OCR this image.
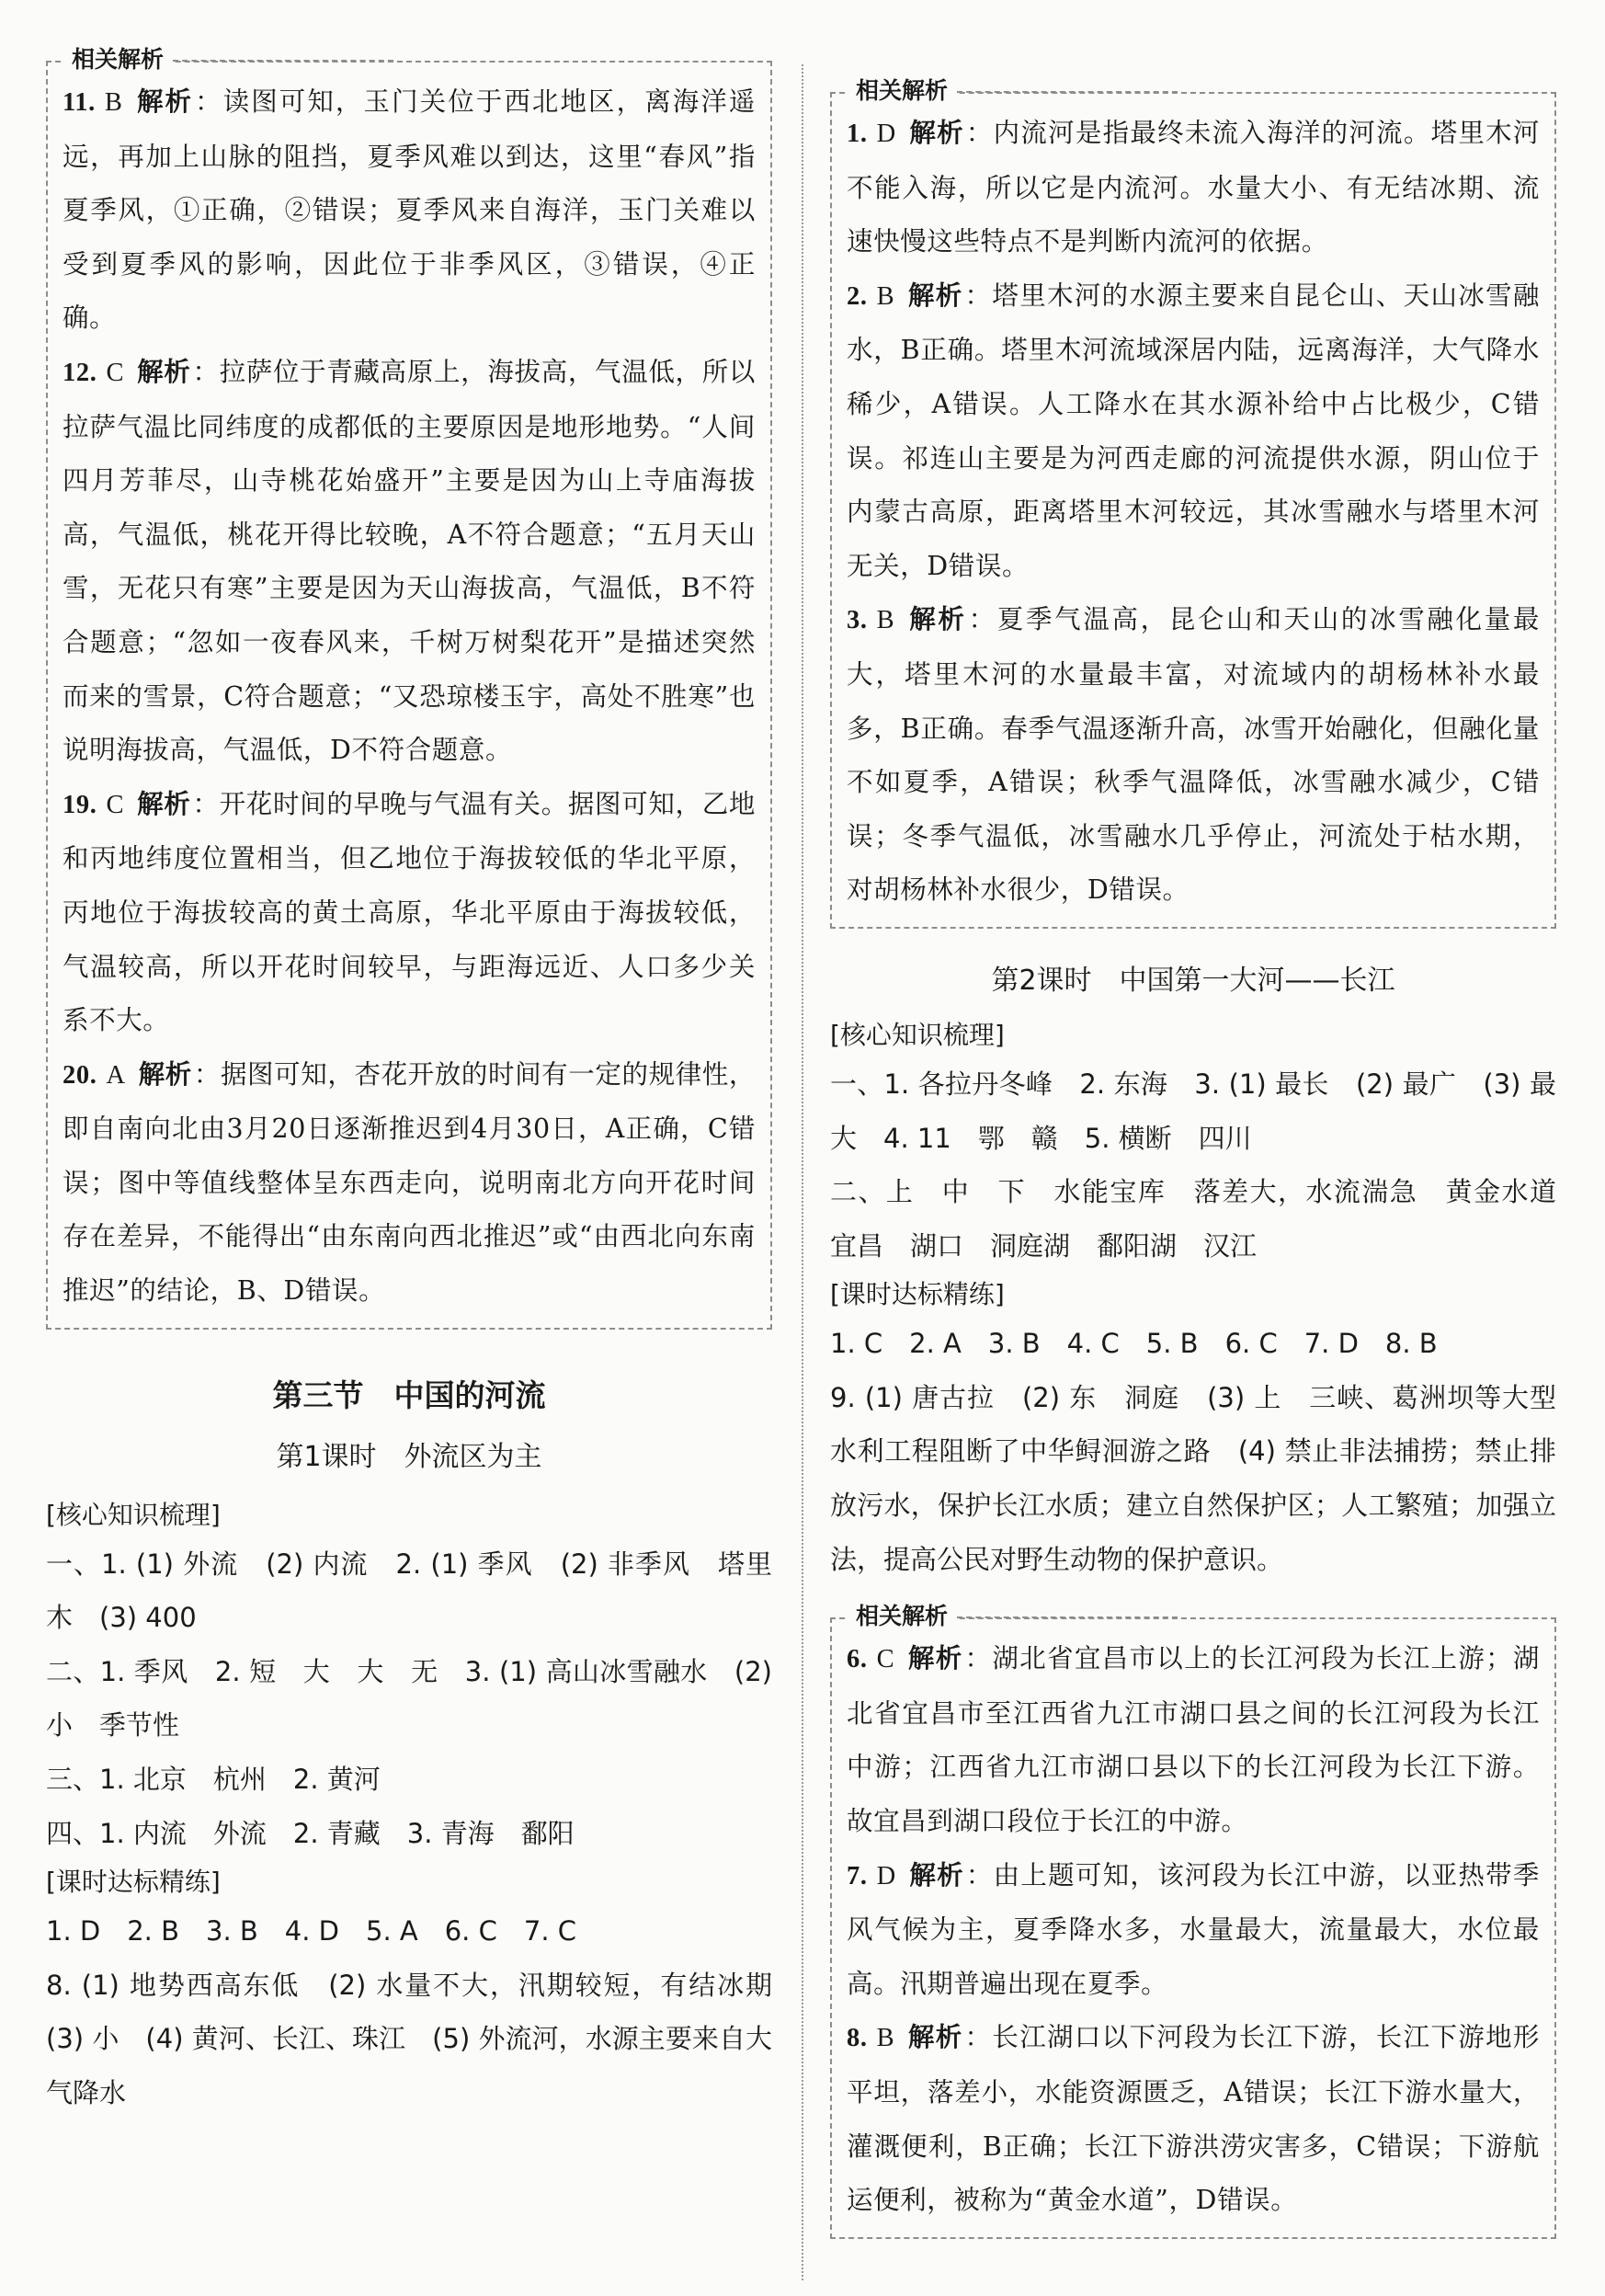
相关解析

11. B 解析：读图可知，玉门关位于西北地区，离海洋遥远，再加上山脉的阻挡，夏季风难以到达，这里“春风”指夏季风，①正确，②错误；夏季风来自海洋，玉门关难以受到夏季风的影响，因此位于非季风区，③错误，④正确。

12. C 解析：拉萨位于青藏高原上，海拔高，气温低，所以拉萨气温比同纬度的成都低的主要原因是地形地势。“人间四月芳菲尽，山寺桃花始盛开”主要是因为山上寺庙海拔高，气温低，桃花开得比较晚，A不符合题意；“五月天山雪，无花只有寒”主要是因为天山海拔高，气温低，B不符合题意；“忽如一夜春风来，千树万树梨花开”是描述突然而来的雪景，C符合题意；“又恐琼楼玉宇，高处不胜寒”也说明海拔高，气温低，D不符合题意。

19. C 解析：开花时间的早晚与气温有关。据图可知，乙地和丙地纬度位置相当，但乙地位于海拔较低的华北平原，丙地位于海拔较高的黄土高原，华北平原由于海拔较低，气温较高，所以开花时间较早，与距海远近、人口多少关系不大。

20. A 解析：据图可知，杏花开放的时间有一定的规律性，即自南向北由3月20日逐渐推迟到4月30日，A正确，C错误；图中等值线整体呈东西走向，说明南北方向开花时间存在差异，不能得出“由东南向西北推迟”或“由西北向东南推迟”的结论，B、D错误。

第三节　中国的河流

第1课时　外流区为主

[核心知识梳理]

一、1. (1) 外流　(2) 内流　2. (1) 季风　(2) 非季风　塔里木　(3) 400

二、1. 季风　2. 短　大　大　无　3. (1) 高山冰雪融水　(2) 小　季节性

三、1. 北京　杭州　2. 黄河

四、1. 内流　外流　2. 青藏　3. 青海　鄱阳

[课时达标精练]

1. D　2. B　3. B　4. D　5. A　6. C　7. C

8. (1) 地势西高东低　(2) 水量不大，汛期较短，有结冰期　(3) 小　(4) 黄河、长江、珠江　(5) 外流河，水源主要来自大气降水

相关解析

1. D 解析：内流河是指最终未流入海洋的河流。塔里木河不能入海，所以它是内流河。水量大小、有无结冰期、流速快慢这些特点不是判断内流河的依据。

2. B 解析：塔里木河的水源主要来自昆仑山、天山冰雪融水，B正确。塔里木河流域深居内陆，远离海洋，大气降水稀少，A错误。人工降水在其水源补给中占比极少，C错误。祁连山主要是为河西走廊的河流提供水源，阴山位于内蒙古高原，距离塔里木河较远，其冰雪融水与塔里木河无关，D错误。

3. B 解析：夏季气温高，昆仑山和天山的冰雪融化量最大，塔里木河的水量最丰富，对流域内的胡杨林补水最多，B正确。春季气温逐渐升高，冰雪开始融化，但融化量不如夏季，A错误；秋季气温降低，冰雪融水减少，C错误；冬季气温低，冰雪融水几乎停止，河流处于枯水期，对胡杨林补水很少，D错误。

第2课时　中国第一大河——长江

[核心知识梳理]

一、1. 各拉丹冬峰　2. 东海　3. (1) 最长　(2) 最广　(3) 最大　4. 11　鄂　赣　5. 横断　四川

二、上　中　下　水能宝库　落差大，水流湍急　黄金水道　宜昌　湖口　洞庭湖　鄱阳湖　汉江

[课时达标精练]

1. C　2. A　3. B　4. C　5. B　6. C　7. D　8. B

9. (1) 唐古拉　(2) 东　洞庭　(3) 上　三峡、葛洲坝等大型水利工程阻断了中华鲟洄游之路　(4) 禁止非法捕捞；禁止排放污水，保护长江水质；建立自然保护区；人工繁殖；加强立法，提高公民对野生动物的保护意识。

相关解析

6. C 解析：湖北省宜昌市以上的长江河段为长江上游；湖北省宜昌市至江西省九江市湖口县之间的长江河段为长江中游；江西省九江市湖口县以下的长江河段为长江下游。故宜昌到湖口段位于长江的中游。

7. D 解析：由上题可知，该河段为长江中游，以亚热带季风气候为主，夏季降水多，水量最大，流量最大，水位最高。汛期普遍出现在夏季。

8. B 解析：长江湖口以下河段为长江下游，长江下游地形平坦，落差小，水能资源匮乏，A错误；长江下游水量大，灌溉便利，B正确；长江下游洪涝灾害多，C错误；下游航运便利，被称为“黄金水道”，D错误。
